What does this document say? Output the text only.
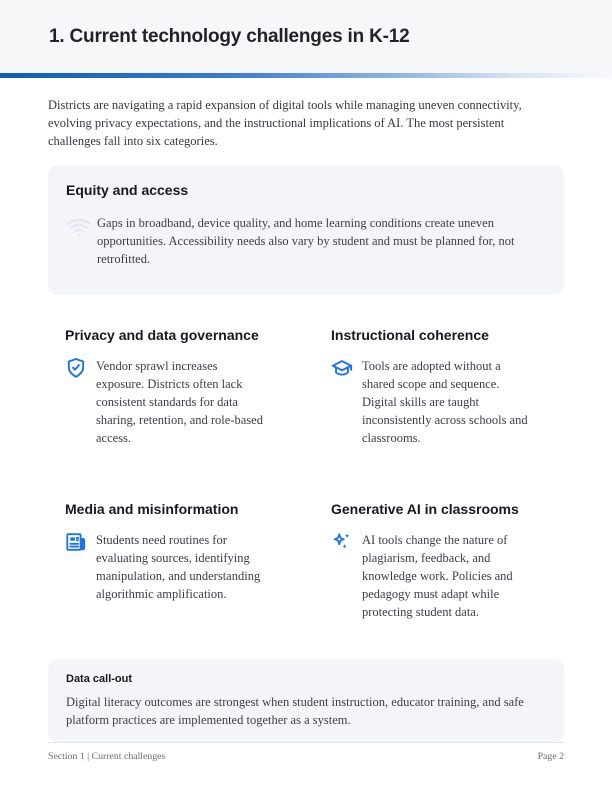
1. Current technology challenges in K-12

Districts are navigating a rapid expansion of digital tools while managing uneven connectivity, evolving privacy expectations, and the instructional implications of AI. The most persistent challenges fall into six categories.

Equity and access

Gaps in broadband, device quality, and home learning conditions create uneven opportunities. Accessibility needs also vary by student and must be planned for, not retrofitted.

Privacy and data governance

Vendor sprawl increases exposure. Districts often lack consistent standards for data sharing, retention, and role-based access.

Instructional coherence

Tools are adopted without a shared scope and sequence. Digital skills are taught inconsistently across schools and classrooms.

Media and misinformation

Students need routines for evaluating sources, identifying manipulation, and understanding algorithmic amplification.

Generative AI in classrooms

AI tools change the nature of plagiarism, feedback, and knowledge work. Policies and pedagogy must adapt while protecting student data.

Data call-out

Digital literacy outcomes are strongest when student instruction, educator training, and safe platform practices are implemented together as a system.

Section 1 | Current challenges	Page 2
